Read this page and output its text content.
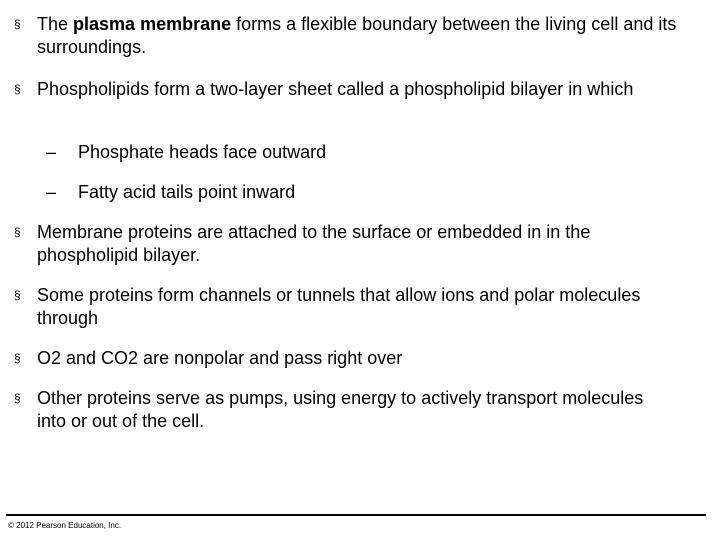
§ The plasma membrane forms a flexible boundary between the living cell and its surroundings.
§ Phospholipids form a two-layer sheet called a phospholipid bilayer in which
– Phosphate heads face outward
– Fatty acid tails point inward
§ Membrane proteins are attached to the surface or embedded in in the phospholipid bilayer.
§ Some proteins form channels or tunnels that allow ions and polar molecules through
§ O2 and CO2 are nonpolar and pass right over
§ Other proteins serve as pumps, using energy to actively transport molecules into or out of the cell.
© 2012 Pearson Education, Inc.
